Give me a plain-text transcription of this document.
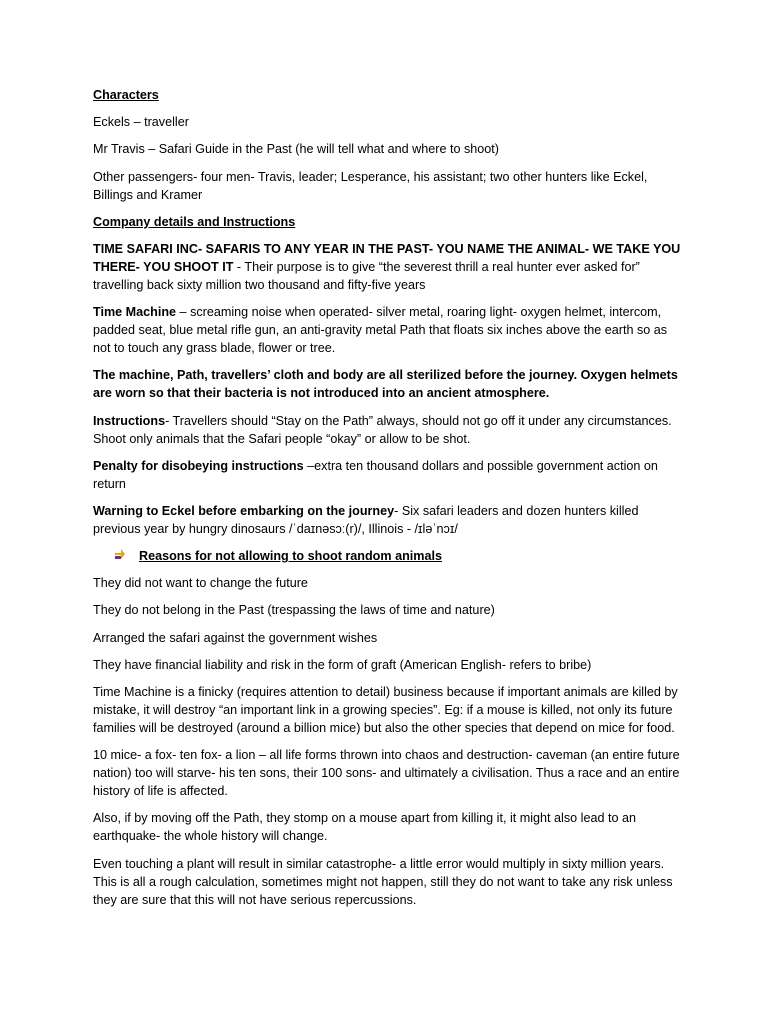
Characters

Eckels – traveller

Mr Travis – Safari Guide in the Past (he will tell what and where to shoot)

Other passengers- four men- Travis, leader; Lesperance, his assistant; two other hunters like Eckel, Billings and Kramer

Company details and Instructions

TIME SAFARI INC- SAFARIS TO ANY YEAR IN THE PAST- YOU NAME THE ANIMAL- WE TAKE YOU THERE- YOU SHOOT IT - Their purpose is to give “the severest thrill a real hunter ever asked for” travelling back sixty million two thousand and fifty-five years

Time Machine – screaming noise when operated- silver metal, roaring light- oxygen helmet, intercom, padded seat, blue metal rifle gun, an anti-gravity metal Path that floats six inches above the earth so as not to touch any grass blade, flower or tree.

The machine, Path, travellers’ cloth and body are all sterilized before the journey. Oxygen helmets are worn so that their bacteria is not introduced into an ancient atmosphere.

Instructions- Travellers should “Stay on the Path” always, should not go off it under any circumstances. Shoot only animals that the Safari people “okay” or allow to be shot.

Penalty for disobeying instructions –extra ten thousand dollars and possible government action on return

Warning to Eckel before embarking on the journey- Six safari leaders and dozen hunters killed previous year by hungry dinosaurs /ˈdaɪnəsɔː(r)/, Illinois - /ɪləˈnɔɪ/

Reasons for not allowing to shoot random animals

They did not want to change the future

They do not belong in the Past (trespassing the laws of time and nature)

Arranged the safari against the government wishes

They have financial liability and risk in the form of graft (American English- refers to bribe)

Time Machine is a finicky (requires attention to detail) business because if important animals are killed by mistake, it will destroy “an important link in a growing species”. Eg: if a mouse is killed, not only its future families will be destroyed (around a billion mice) but also the other species that depend on mice for food.

10 mice- a fox- ten fox- a lion – all life forms thrown into chaos and destruction- caveman (an entire future nation) too will starve- his ten sons, their 100 sons- and ultimately a civilisation. Thus a race and an entire history of life is affected.

Also, if by moving off the Path, they stomp on a mouse apart from killing it, it might also lead to an earthquake- the whole history will change.

Even touching a plant will result in similar catastrophe- a little error would multiply in sixty million years. This is all a rough calculation, sometimes might not happen, still they do not want to take any risk unless they are sure that this will not have serious repercussions.
